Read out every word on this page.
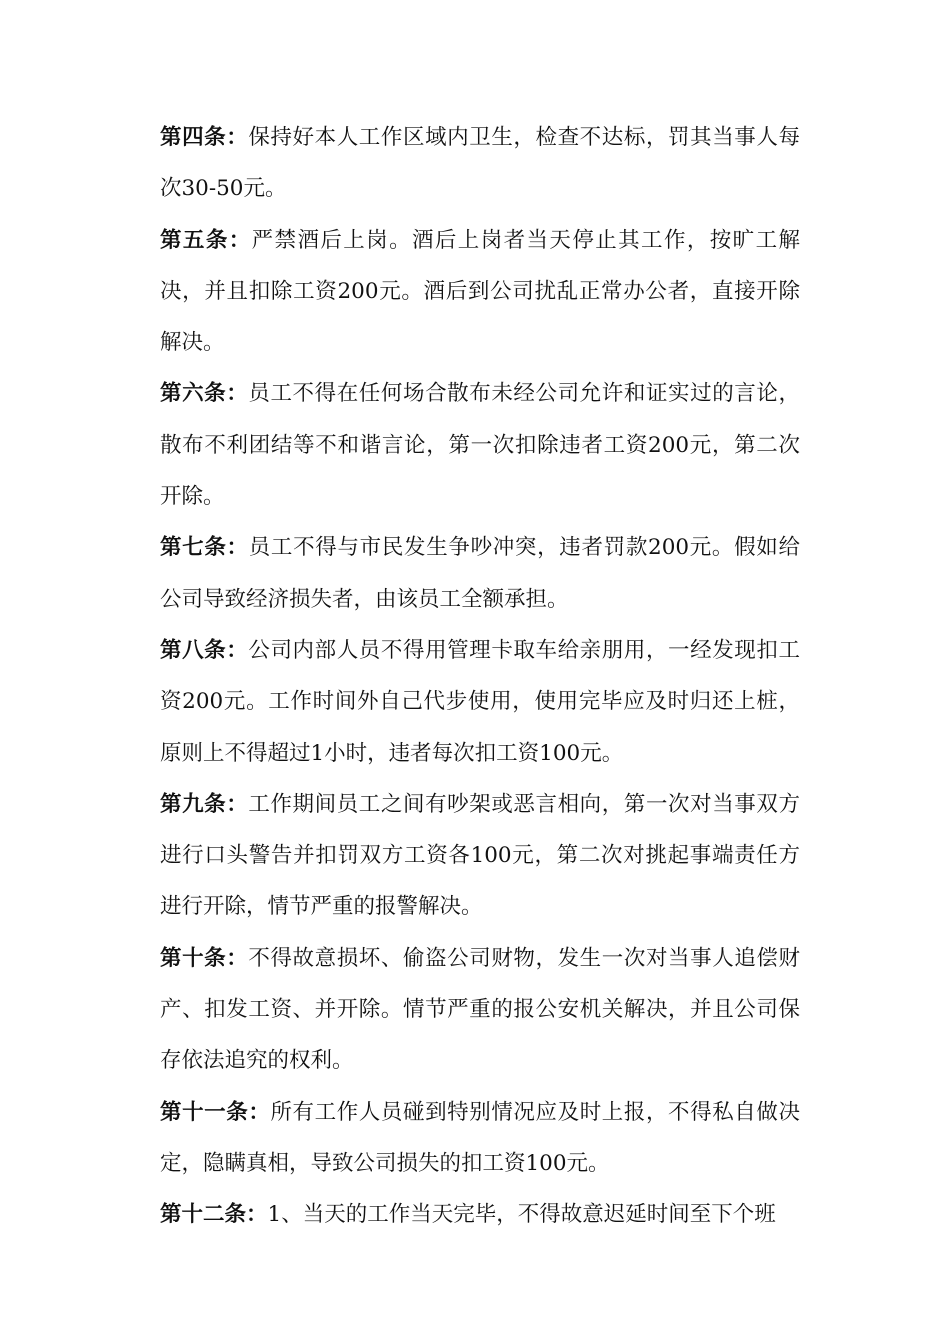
第四条：保持好本人工作区域内卫生，检查不达标，罚其当事人每次30-50元。

第五条：严禁酒后上岗。酒后上岗者当天停止其工作，按旷工解决，并且扣除工资200元。酒后到公司扰乱正常办公者，直接开除解决。

第六条：员工不得在任何场合散布未经公司允许和证实过的言论，散布不利团结等不和谐言论，第一次扣除违者工资200元，第二次开除。

第七条：员工不得与市民发生争吵冲突，违者罚款200元。假如给公司导致经济损失者，由该员工全额承担。

第八条：公司内部人员不得用管理卡取车给亲朋用，一经发现扣工资200元。工作时间外自己代步使用，使用完毕应及时归还上桩，原则上不得超过1小时，违者每次扣工资100元。

第九条：工作期间员工之间有吵架或恶言相向，第一次对当事双方进行口头警告并扣罚双方工资各100元，第二次对挑起事端责任方进行开除，情节严重的报警解决。

第十条：不得故意损坏、偷盗公司财物，发生一次对当事人追偿财产、扣发工资、并开除。情节严重的报公安机关解决，并且公司保存依法追究的权利。

第十一条：所有工作人员碰到特别情况应及时上报，不得私自做决定，隐瞒真相，导致公司损失的扣工资100元。

第十二条：1、当天的工作当天完毕，不得故意迟延时间至下个班
